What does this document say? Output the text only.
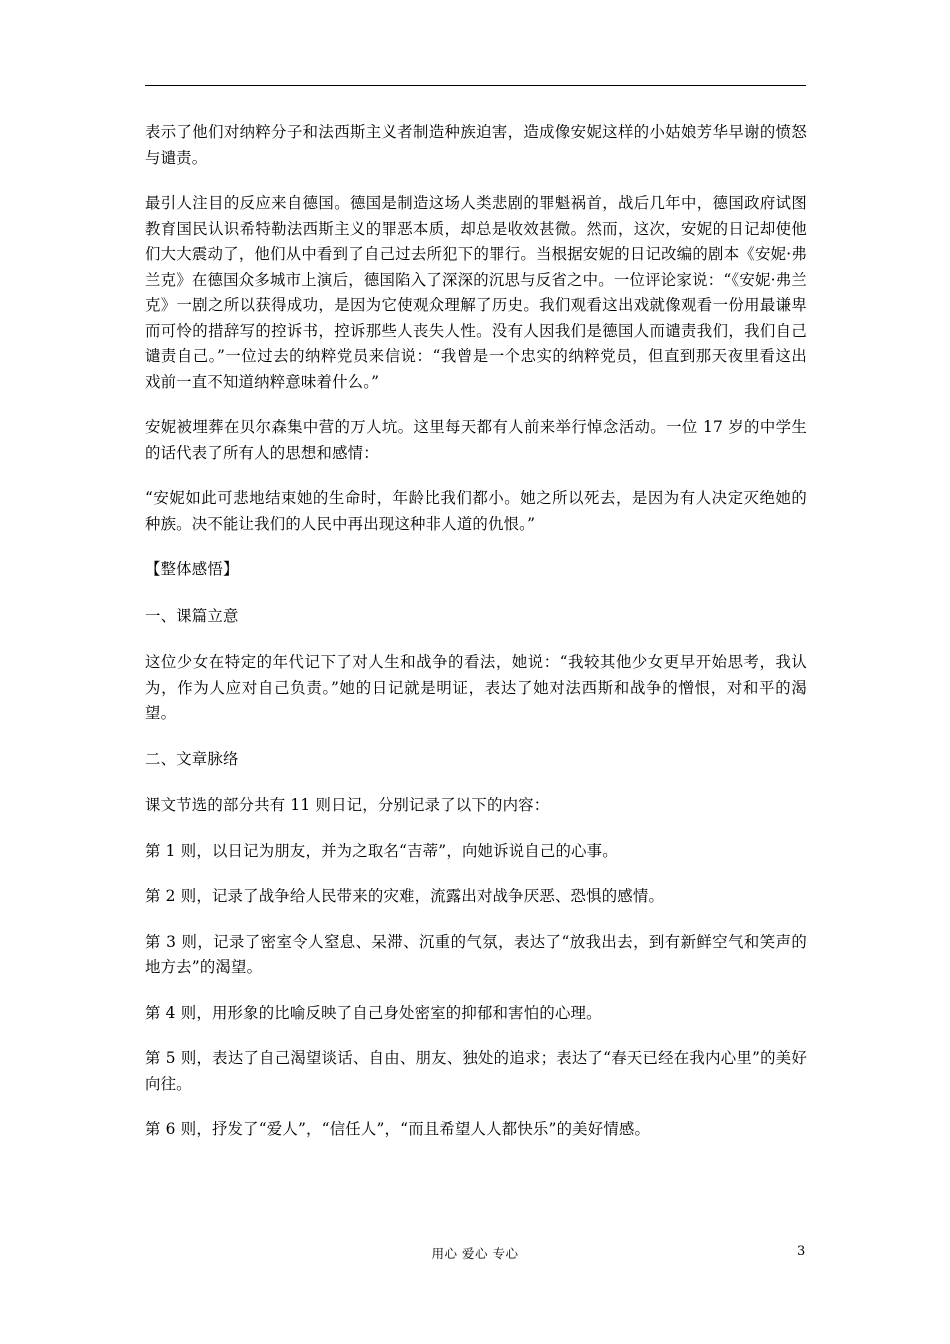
表示了他们对纳粹分子和法西斯主义者制造种族迫害，造成像安妮这样的小姑娘芳华早谢的愤怒与谴责。

最引人注目的反应来自德国。德国是制造这场人类悲剧的罪魁祸首，战后几年中，德国政府试图教育国民认识希特勒法西斯主义的罪恶本质，却总是收效甚微。然而，这次，安妮的日记却使他们大大震动了，他们从中看到了自己过去所犯下的罪行。当根据安妮的日记改编的剧本《安妮·弗兰克》在德国众多城市上演后，德国陷入了深深的沉思与反省之中。一位评论家说：“《安妮·弗兰克》一剧之所以获得成功，是因为它使观众理解了历史。我们观看这出戏就像观看一份用最谦卑而可怜的措辞写的控诉书，控诉那些人丧失人性。没有人因我们是德国人而谴责我们，我们自己谴责自己。”一位过去的纳粹党员来信说：“我曾是一个忠实的纳粹党员，但直到那天夜里看这出戏前一直不知道纳粹意味着什么。”

安妮被埋葬在贝尔森集中营的万人坑。这里每天都有人前来举行悼念活动。一位 17 岁的中学生的话代表了所有人的思想和感情：

“安妮如此可悲地结束她的生命时，年龄比我们都小。她之所以死去，是因为有人决定灭绝她的种族。决不能让我们的人民中再出现这种非人道的仇恨。”

【整体感悟】

一、课篇立意

这位少女在特定的年代记下了对人生和战争的看法，她说：“我较其他少女更早开始思考，我认为，作为人应对自己负责。”她的日记就是明证，表达了她对法西斯和战争的憎恨，对和平的渴望。

二、文章脉络

课文节选的部分共有 11 则日记，分别记录了以下的内容：

第 1 则，以日记为朋友，并为之取名“吉蒂”，向她诉说自己的心事。

第 2 则，记录了战争给人民带来的灾难，流露出对战争厌恶、恐惧的感情。

第 3 则，记录了密室令人窒息、呆滞、沉重的气氛，表达了“放我出去，到有新鲜空气和笑声的地方去”的渴望。

第 4 则，用形象的比喻反映了自己身处密室的抑郁和害怕的心理。

第 5 则，表达了自己渴望谈话、自由、朋友、独处的追求；表达了“春天已经在我内心里”的美好向往。

第 6 则，抒发了“爱人”，“信任人”，“而且希望人人都快乐”的美好情感。

用心 爱心 专心	3
